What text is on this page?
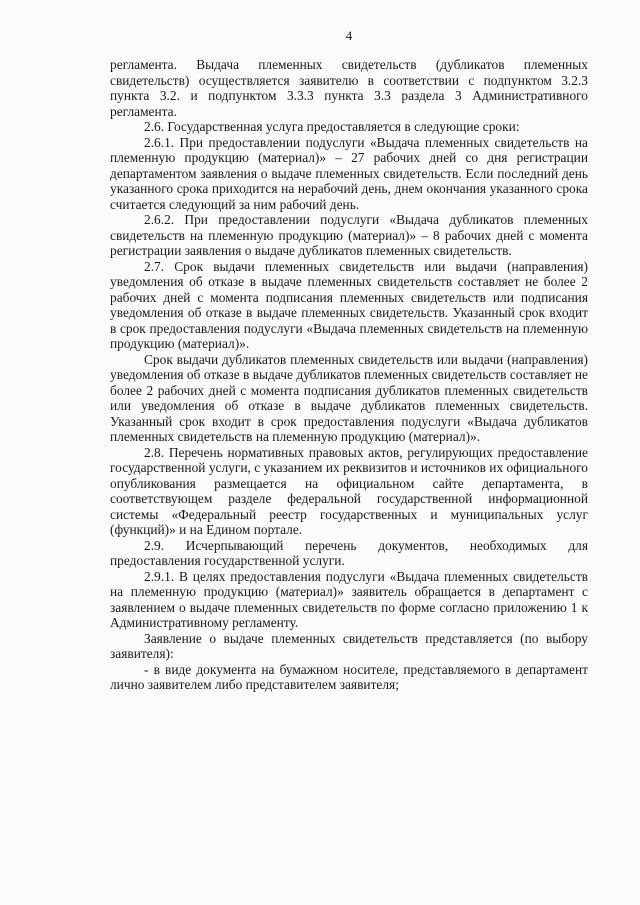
4

регламента. Выдача племенных свидетельств (дубликатов племенных свидетельств) осуществляется заявителю в соответствии с подпунктом 3.2.3 пункта 3.2. и подпунктом 3.3.3 пункта 3.3 раздела 3 Административного регламента.

2.6. Государственная услуга предоставляется в следующие сроки:

2.6.1. При предоставлении подуслуги «Выдача племенных свидетельств на племенную продукцию (материал)» – 27 рабочих дней со дня регистрации департаментом заявления о выдаче племенных свидетельств. Если последний день указанного срока приходится на нерабочий день, днем окончания указанного срока считается следующий за ним рабочий день.

2.6.2. При предоставлении подуслуги «Выдача дубликатов племенных свидетельств на племенную продукцию (материал)» – 8 рабочих дней с момента регистрации заявления о выдаче дубликатов племенных свидетельств.

2.7. Срок выдачи племенных свидетельств или выдачи (направления) уведомления об отказе в выдаче племенных свидетельств составляет не более 2 рабочих дней с момента подписания племенных свидетельств или подписания уведомления об отказе в выдаче племенных свидетельств. Указанный срок входит в срок предоставления подуслуги «Выдача племенных свидетельств на племенную продукцию (материал)».

Срок выдачи дубликатов племенных свидетельств или выдачи (направления) уведомления об отказе в выдаче дубликатов племенных свидетельств составляет не более 2 рабочих дней с момента подписания дубликатов племенных свидетельств или уведомления об отказе в выдаче дубликатов племенных свидетельств. Указанный срок входит в срок предоставления подуслуги «Выдача дубликатов племенных свидетельств на племенную продукцию (материал)».

2.8. Перечень нормативных правовых актов, регулирующих предоставление государственной услуги, с указанием их реквизитов и источников их официального опубликования размещается на официальном сайте департамента, в соответствующем разделе федеральной государственной информационной системы «Федеральный реестр государственных и муниципальных услуг (функций)» и на Едином портале.

2.9. Исчерпывающий перечень документов, необходимых для предоставления государственной услуги.

2.9.1. В целях предоставления подуслуги «Выдача племенных свидетельств на племенную продукцию (материал)» заявитель обращается в департамент с заявлением о выдаче племенных свидетельств по форме согласно приложению 1 к Административному регламенту.

Заявление о выдаче племенных свидетельств представляется (по выбору заявителя):

- в виде документа на бумажном носителе, представляемого в департамент лично заявителем либо представителем заявителя;
